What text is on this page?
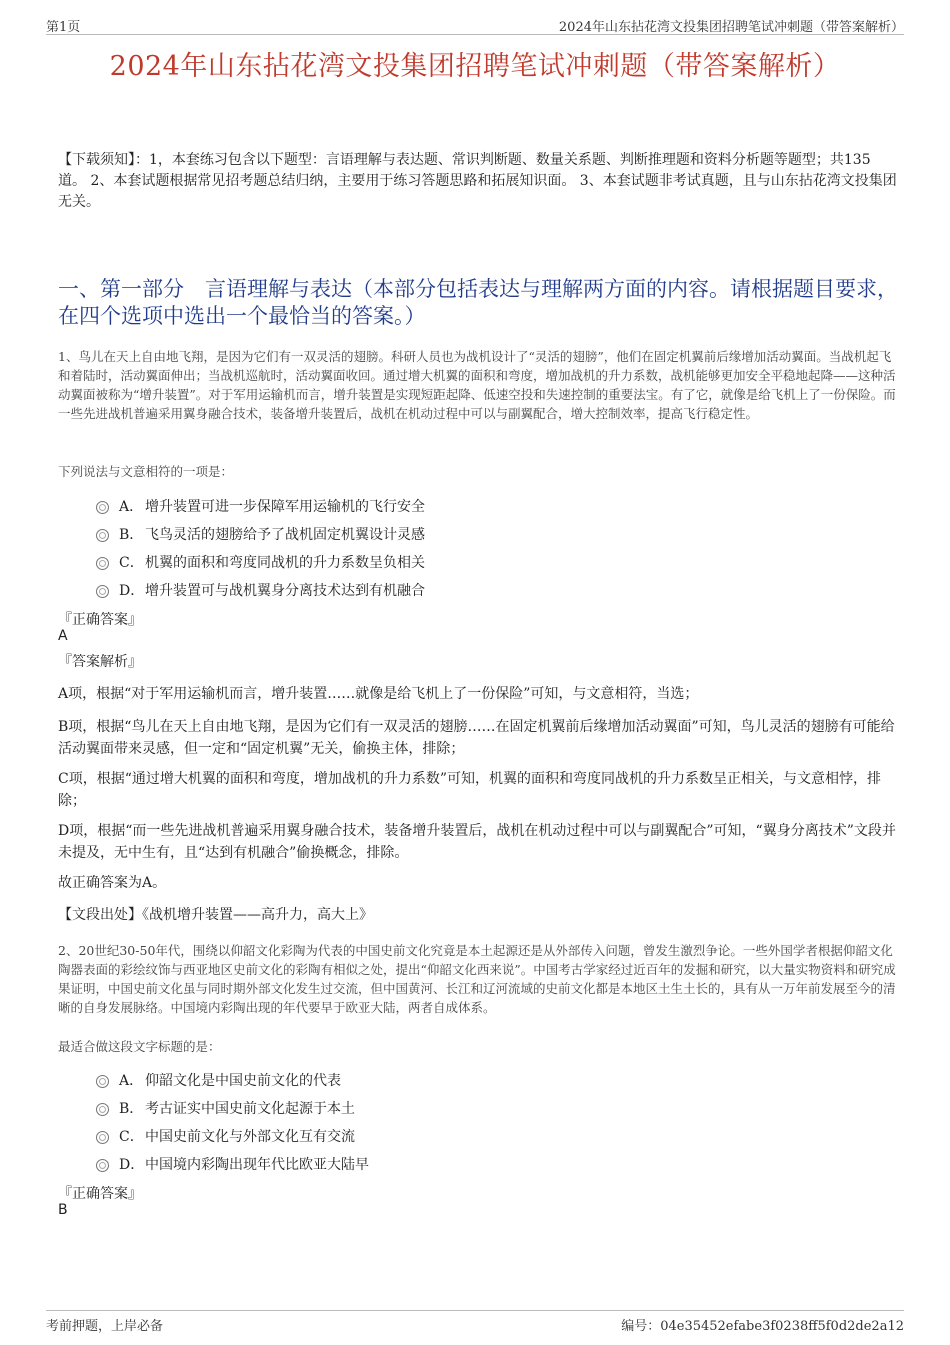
第1页	2024年山东拈花湾文投集团招聘笔试冲刺题（带答案解析）
2024年山东拈花湾文投集团招聘笔试冲刺题（带答案解析）
【下载须知】：1，本套练习包含以下题型：言语理解与表达题、常识判断题、数量关系题、判断推理题和资料分析题等题型；共135道。 2、本套试题根据常见招考题总结归纳，主要用于练习答题思路和拓展知识面。 3、本套试题非考试真题，且与山东拈花湾文投集团无关。
一、第一部分　言语理解与表达（本部分包括表达与理解两方面的内容。请根据题目要求，在四个选项中选出一个最恰当的答案。）
1、鸟儿在天上自由地飞翔，是因为它们有一双灵活的翅膀。科研人员也为战机设计了“灵活的翅膀”，他们在固定机翼前后缘增加活动翼面。当战机起飞和着陆时，活动翼面伸出；当战机巡航时，活动翼面收回。通过增大机翼的面积和弯度，增加战机的升力系数，战机能够更加安全平稳地起降——这种活动翼面被称为“增升装置”。对于军用运输机而言，增升装置是实现短距起降、低速空投和失速控制的重要法宝。有了它，就像是给飞机上了一份保险。而一些先进战机普遍采用翼身融合技术，装备增升装置后，战机在机动过程中可以与副翼配合，增大控制效率，提高飞行稳定性。
下列说法与文意相符的一项是：
A． 增升装置可进一步保障军用运输机的飞行安全
B． 飞鸟灵活的翅膀给予了战机固定机翼设计灵感
C． 机翼的面积和弯度同战机的升力系数呈负相关
D． 增升装置可与战机翼身分离技术达到有机融合
『正确答案』
A
『答案解析』
A项，根据“对于军用运输机而言，增升装置……就像是给飞机上了一份保险”可知，与文意相符，当选；
B项，根据“鸟儿在天上自由地飞翔，是因为它们有一双灵活的翅膀……在固定机翼前后缘增加活动翼面”可知，鸟儿灵活的翅膀有可能给活动翼面带来灵感，但一定和“固定机翼”无关，偷换主体，排除；
C项，根据“通过增大机翼的面积和弯度，增加战机的升力系数”可知，机翼的面积和弯度同战机的升力系数呈正相关，与文意相悖，排除；
D项，根据“而一些先进战机普遍采用翼身融合技术，装备增升装置后，战机在机动过程中可以与副翼配合”可知，“翼身分离技术”文段并未提及，无中生有，且“达到有机融合”偷换概念，排除。
故正确答案为A。
【文段出处】《战机增升装置——高升力，高大上》
2、20世纪30-50年代，围绕以仰韶文化彩陶为代表的中国史前文化究竟是本土起源还是从外部传入问题，曾发生激烈争论。一些外国学者根据仰韶文化陶器表面的彩绘纹饰与西亚地区史前文化的彩陶有相似之处，提出“仰韶文化西来说”。中国考古学家经过近百年的发掘和研究，以大量实物资料和研究成果证明，中国史前文化虽与同时期外部文化发生过交流，但中国黄河、长江和辽河流域的史前文化都是本地区土生土长的，具有从一万年前发展至今的清晰的自身发展脉络。中国境内彩陶出现的年代要早于欧亚大陆，两者自成体系。
最适合做这段文字标题的是：
A． 仰韶文化是中国史前文化的代表
B． 考古证实中国史前文化起源于本土
C． 中国史前文化与外部文化互有交流
D． 中国境内彩陶出现年代比欧亚大陆早
『正确答案』
B
考前押题，上岸必备	编号：04e35452efabe3f0238ff5f0d2de2a12
